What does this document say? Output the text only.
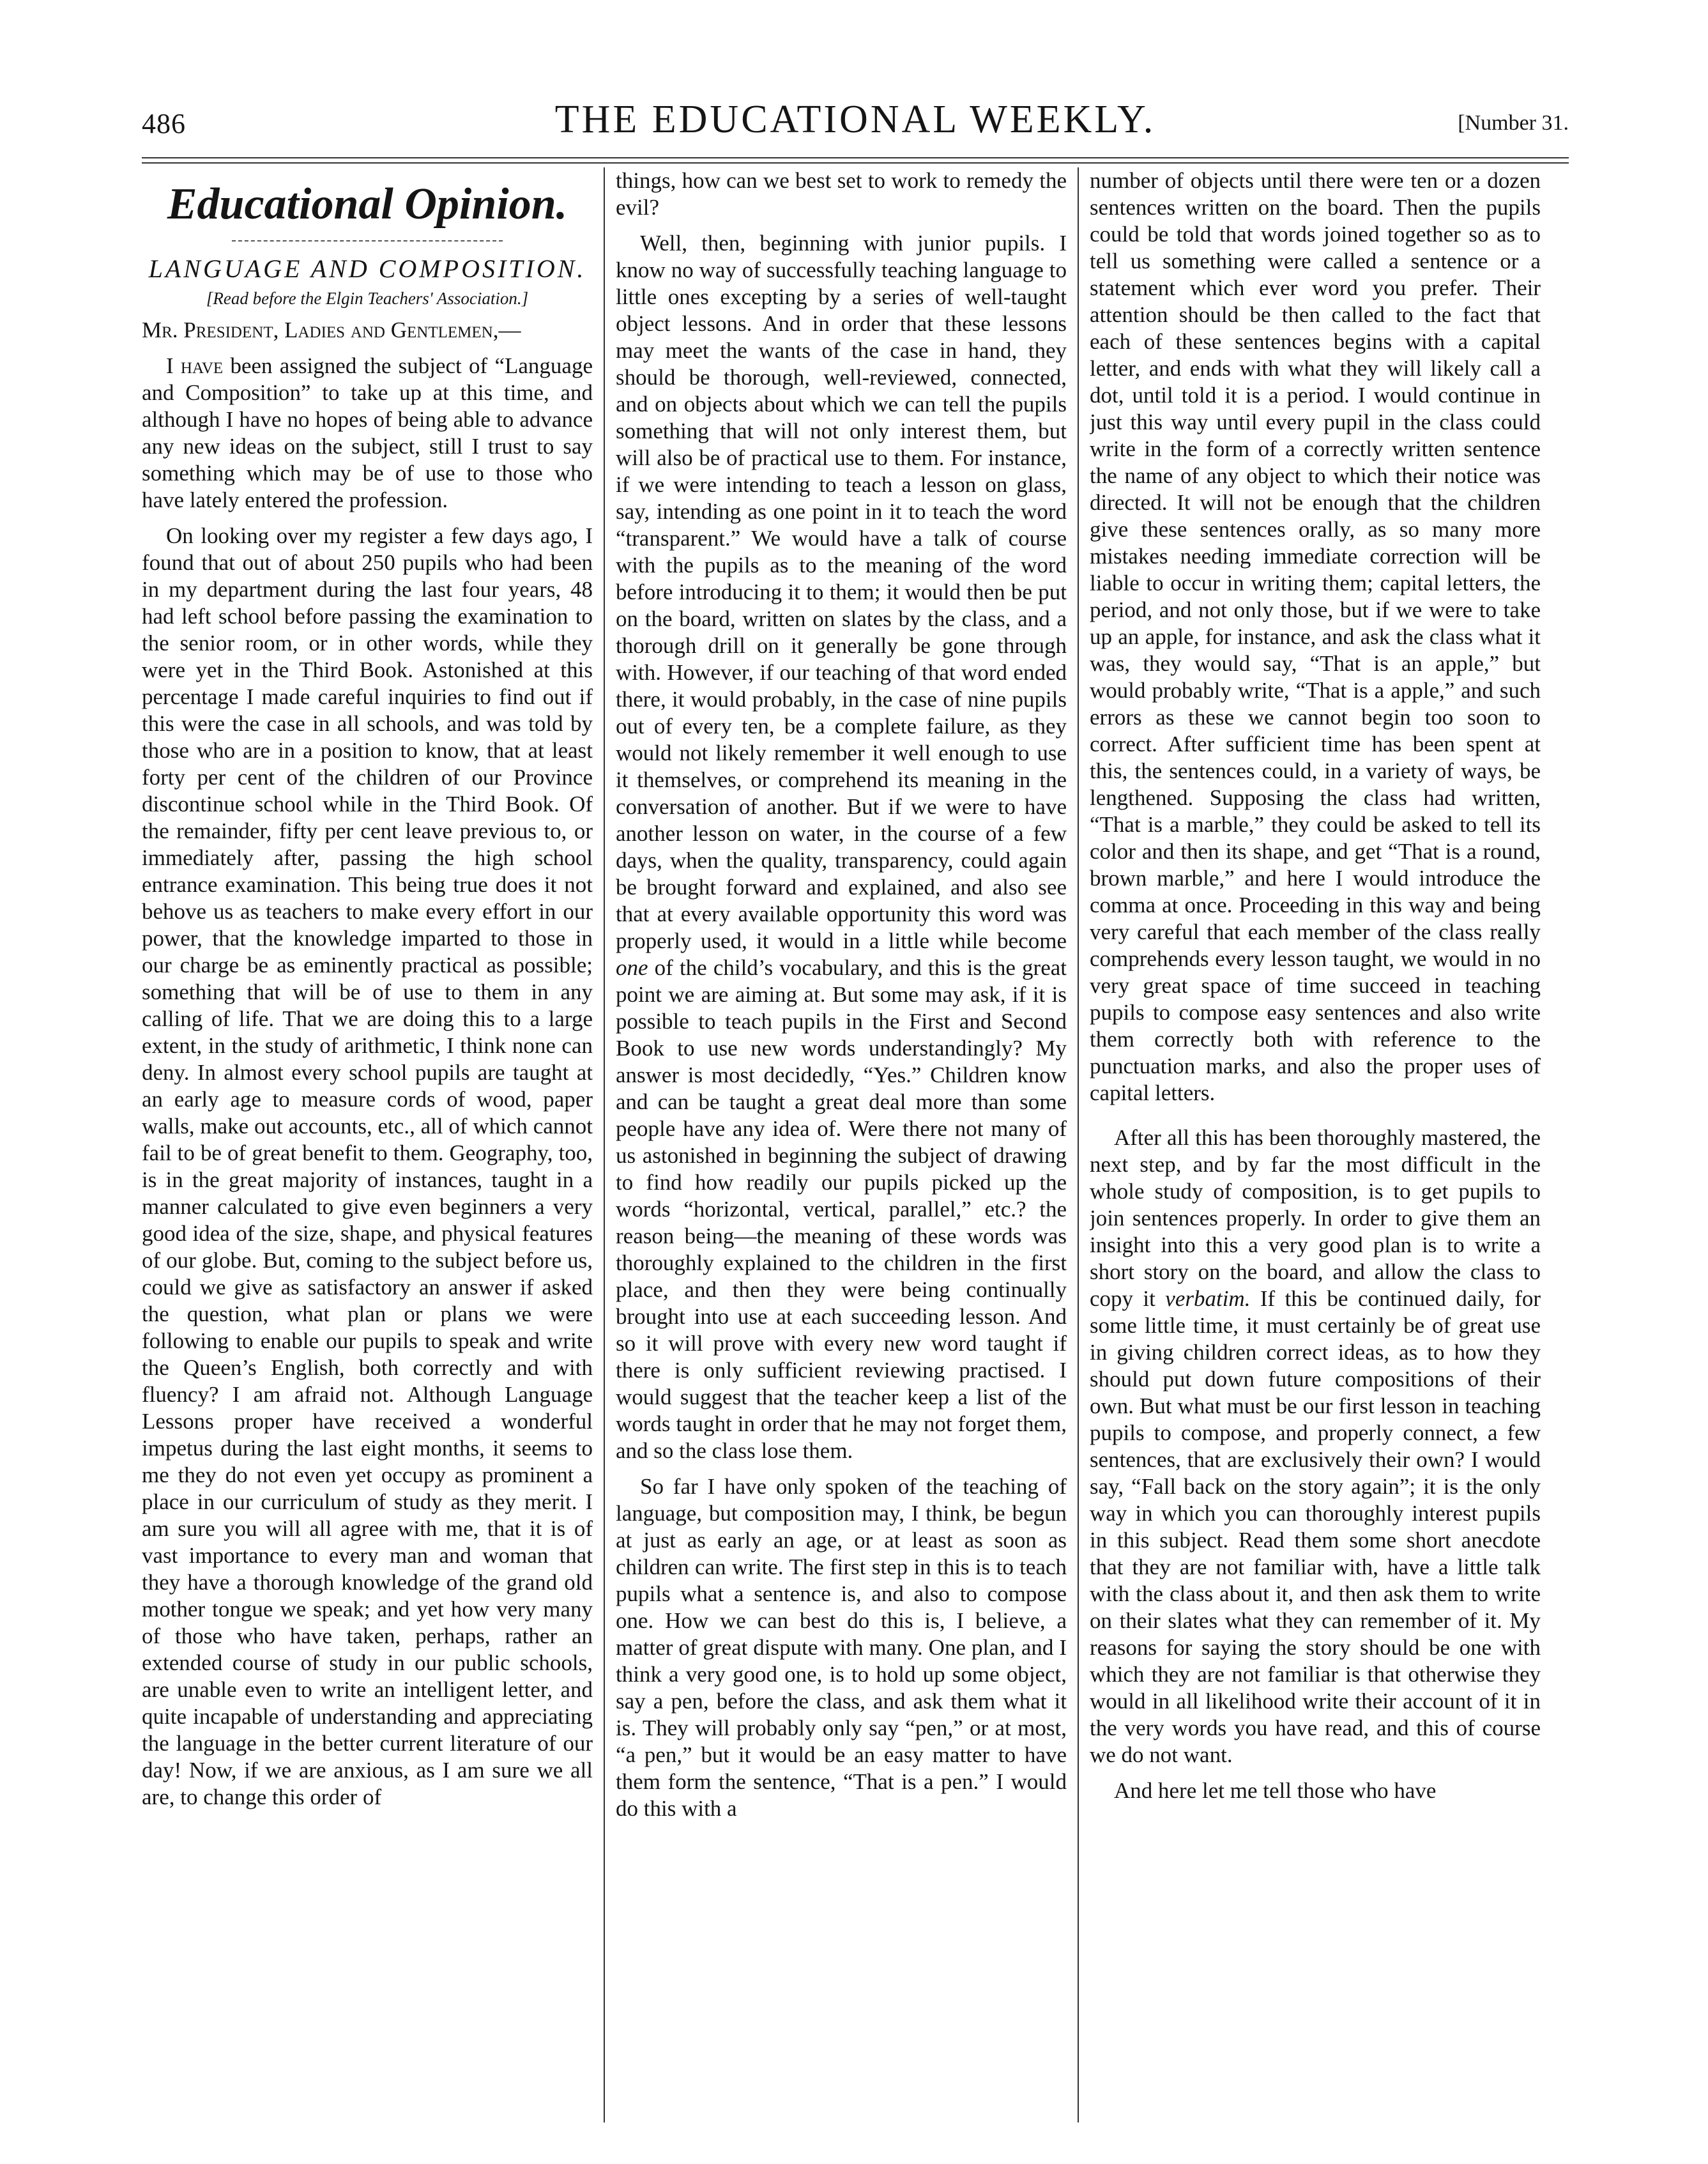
486	THE EDUCATIONAL WEEKLY.	[Number 31.
Educational Opinion.
LANGUAGE AND COMPOSITION.
[Read before the Elgin Teachers' Association.]

Mr. President, Ladies and Gentlemen,—

I have been assigned the subject of “Language and Composition” to take up at this time, and although I have no hopes of being able to advance any new ideas on the subject, still I trust to say something which may be of use to those who have lately entered the profession.

On looking over my register a few days ago, I found that out of about 250 pupils who had been in my department during the last four years, 48 had left school before passing the examination to the senior room, or in other words, while they were yet in the Third Book. Astonished at this percentage I made careful inquiries to find out if this were the case in all schools, and was told by those who are in a position to know, that at least forty per cent of the children of our Province discontinue school while in the Third Book. Of the remainder, fifty per cent leave previous to, or immediately after, passing the high school entrance examination. This being true does it not behove us as teachers to make every effort in our power, that the knowledge imparted to those in our charge be as eminently practical as possible; something that will be of use to them in any calling of life. That we are doing this to a large extent, in the study of arithmetic, I think none can deny. In almost every school pupils are taught at an early age to measure cords of wood, paper walls, make out accounts, etc., all of which cannot fail to be of great benefit to them. Geography, too, is in the great majority of instances, taught in a manner calculated to give even beginners a very good idea of the size, shape, and physical features of our globe. But, coming to the subject before us, could we give as satisfactory an answer if asked the question, what plan or plans we were following to enable our pupils to speak and write the Queen’s English, both correctly and with fluency? I am afraid not. Although Language Lessons proper have received a wonderful impetus during the last eight months, it seems to me they do not even yet occupy as prominent a place in our curriculum of study as they merit. I am sure you will all agree with me, that it is of vast importance to every man and woman that they have a thorough knowledge of the grand old mother tongue we speak; and yet how very many of those who have taken, perhaps, rather an extended course of study in our public schools, are unable even to write an intelligent letter, and quite incapable of understanding and appreciating the language in the better current literature of our day! Now, if we are anxious, as I am sure we all are, to change this order of

things, how can we best set to work to remedy the evil?

Well, then, beginning with junior pupils. I know no way of successfully teaching language to little ones excepting by a series of well-taught object lessons. And in order that these lessons may meet the wants of the case in hand, they should be thorough, well-reviewed, connected, and on objects about which we can tell the pupils something that will not only interest them, but will also be of practical use to them. For instance, if we were intending to teach a lesson on glass, say, intending as one point in it to teach the word “transparent.” We would have a talk of course with the pupils as to the meaning of the word before introducing it to them; it would then be put on the board, written on slates by the class, and a thorough drill on it generally be gone through with. However, if our teaching of that word ended there, it would probably, in the case of nine pupils out of every ten, be a complete failure, as they would not likely remember it well enough to use it themselves, or comprehend its meaning in the conversation of another. But if we were to have another lesson on water, in the course of a few days, when the quality, transparency, could again be brought forward and explained, and also see that at every available opportunity this word was properly used, it would in a little while become one of the child’s vocabulary, and this is the great point we are aiming at. But some may ask, if it is possible to teach pupils in the First and Second Book to use new words understandingly? My answer is most decidedly, “Yes.” Children know and can be taught a great deal more than some people have any idea of. Were there not many of us astonished in beginning the subject of drawing to find how readily our pupils picked up the words “horizontal, vertical, parallel,” etc.? the reason being—the meaning of these words was thoroughly explained to the children in the first place, and then they were being continually brought into use at each succeeding lesson. And so it will prove with every new word taught if there is only sufficient reviewing practised. I would suggest that the teacher keep a list of the words taught in order that he may not forget them, and so the class lose them.

So far I have only spoken of the teaching of language, but composition may, I think, be begun at just as early an age, or at least as soon as children can write. The first step in this is to teach pupils what a sentence is, and also to compose one. How we can best do this is, I believe, a matter of great dispute with many. One plan, and I think a very good one, is to hold up some object, say a pen, before the class, and ask them what it is. They will probably only say “pen,” or at most, “a pen,” but it would be an easy matter to have them form the sentence, “That is a pen.” I would do this with a

number of objects until there were ten or a dozen sentences written on the board. Then the pupils could be told that words joined together so as to tell us something were called a sentence or a statement which ever word you prefer. Their attention should be then called to the fact that each of these sentences begins with a capital letter, and ends with what they will likely call a dot, until told it is a period. I would continue in just this way until every pupil in the class could write in the form of a correctly written sentence the name of any object to which their notice was directed. It will not be enough that the children give these sentences orally, as so many more mistakes needing immediate correction will be liable to occur in writing them; capital letters, the period, and not only those, but if we were to take up an apple, for instance, and ask the class what it was, they would say, “That is an apple,” but would probably write, “That is a apple,” and such errors as these we cannot begin too soon to correct. After sufficient time has been spent at this, the sentences could, in a variety of ways, be lengthened. Supposing the class had written, “That is a marble,” they could be asked to tell its color and then its shape, and get “That is a round, brown marble,” and here I would introduce the comma at once. Proceeding in this way and being very careful that each member of the class really comprehends every lesson taught, we would in no very great space of time succeed in teaching pupils to compose easy sentences and also write them correctly both with reference to the punctuation marks, and also the proper uses of capital letters.

After all this has been thoroughly mastered, the next step, and by far the most difficult in the whole study of composition, is to get pupils to join sentences properly. In order to give them an insight into this a very good plan is to write a short story on the board, and allow the class to copy it verbatim. If this be continued daily, for some little time, it must certainly be of great use in giving children correct ideas, as to how they should put down future compositions of their own. But what must be our first lesson in teaching pupils to compose, and properly connect, a few sentences, that are exclusively their own? I would say, “Fall back on the story again”; it is the only way in which you can thoroughly interest pupils in this subject. Read them some short anecdote that they are not familiar with, have a little talk with the class about it, and then ask them to write on their slates what they can remember of it. My reasons for saying the story should be one with which they are not familiar is that otherwise they would in all likelihood write their account of it in the very words you have read, and this of course we do not want.

And here let me tell those who have
